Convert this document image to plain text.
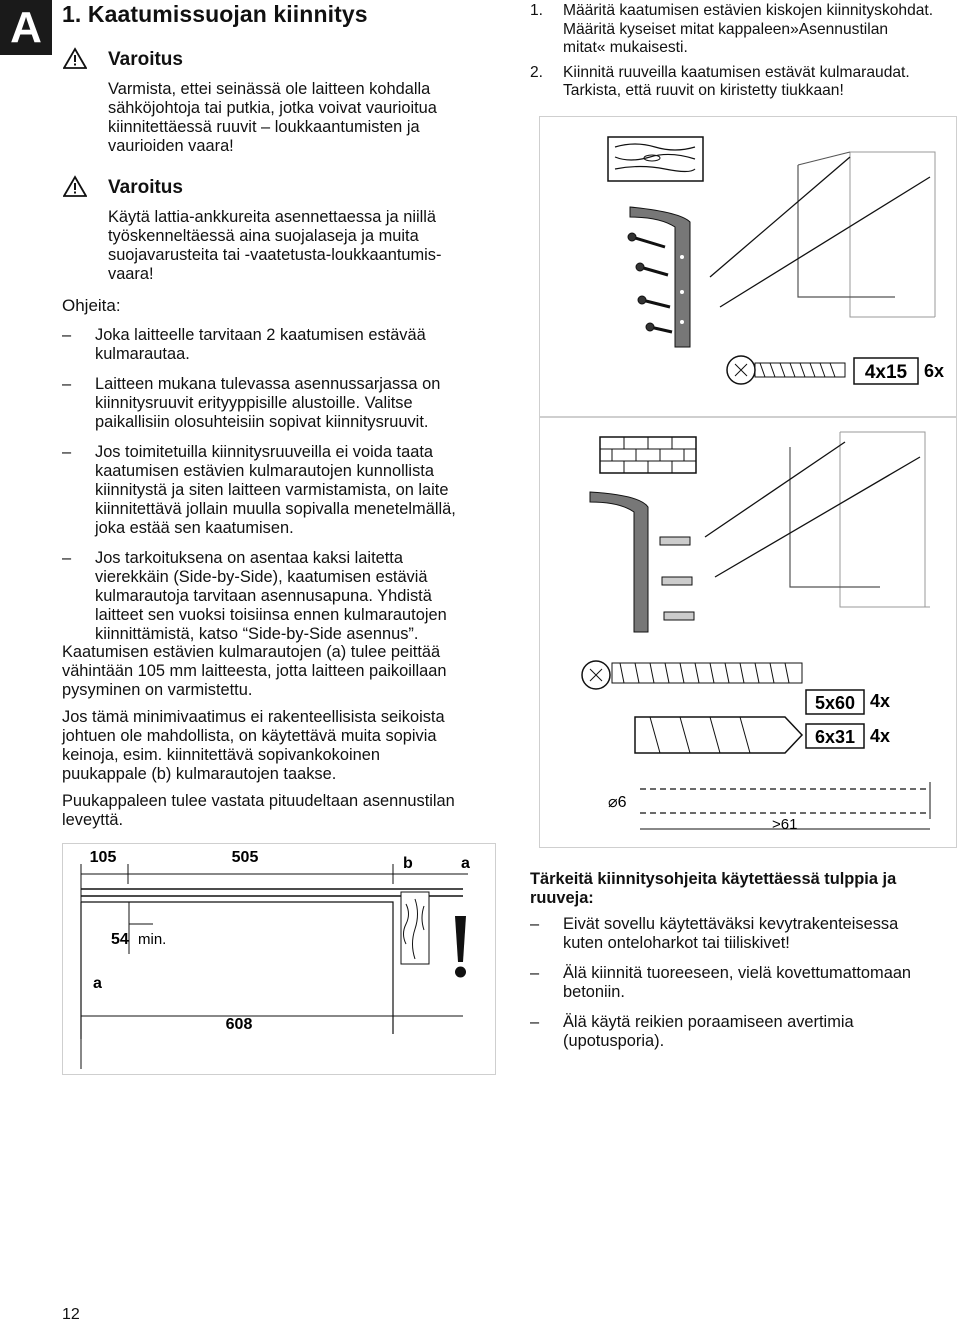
A 1. Kaatumissuojan kiinnitys
Varoitus
Varmista, ettei seinässä ole laitteen kohdalla
sähköjohtoja tai putkia, jotka voivat vaurioitua
kiinnitettäessä ruuvit – loukkaantumisten ja
vaurioiden vaara!
Varoitus
Käytä lattia-ankkureita asennettaessa ja niillä
työskenneltäessä aina suojalaseja ja muita
suojavarusteita tai -vaatetusta-loukkaantumis-
vaara!
Ohjeita:
– Joka laitteelle tarvitaan 2 kaatumisen estävää
kulmarautaa.
– Laitteen mukana tulevassa asennussarjassa on
kiinnitysruuvit erityyppisille alustoille. Valitse
paikallisiin olosuhteisiin sopivat kiinnitysruuvit.
– Jos toimitetuilla kiinnitysruuveilla ei voida taata
kaatumisen estävien kulmarautojen kunnollista
kiinnitystä ja siten laitteen varmistamista, on laite
kiinnitettävä jollain muulla sopivalla menetelmällä,
joka estää sen kaatumisen.
– Jos tarkoituksena on asentaa kaksi laitetta
vierekkäin (Side-by-Side), kaatumisen estäviä
kulmarautoja tarvitaan asennusapuna. Yhdistä
laitteet sen vuoksi toisiinsa ennen kulmarautojen
kiinnittämistä, katso “Side-by-Side asennus”.
Kaatumisen estävien kulmarautojen (a) tulee peittää
vähintään 105 mm laitteesta, jotta laitteen paikoillaan
pysyminen on varmistettu.
Jos tämä minimivaatimus ei rakenteellisista seikoista
johtuen ole mahdollista, on käytettävä muita sopivia
keinoja, esim. kiinnitettävä sopivankokoinen
puukappale (b) kulmarautojen taakse.
Puukappaleen tulee vastata pituudeltaan asennustilan
leveyttä.
1. Määritä kaatumisen estävien kiskojen kiinnityskohdat.
Määritä kyseiset mitat kappaleen»Asennustilan
mitat« mukaisesti.
2. Kiinnitä ruuveilla kaatumisen estävät kulmaraudat.
Tarkista, että ruuvit on kiristetty tiukkaan!
4x15 6x
5x60 4x
6x31 4x
⌀6
>61
105	505	b	a
54 min.
a
608
!
Tärkeitä kiinnitysohjeita käytettäessä tulppia ja
ruuveja:
– Eivät sovellu käytettäväksi kevytrakenteisessa
kuten onteloharkot tai tiiliskivet!
– Älä kiinnitä tuoreeseen, vielä kovettumattomaan
betoniin.
– Älä käytä reikien poraamiseen avertimia
(upotusporia).
12
